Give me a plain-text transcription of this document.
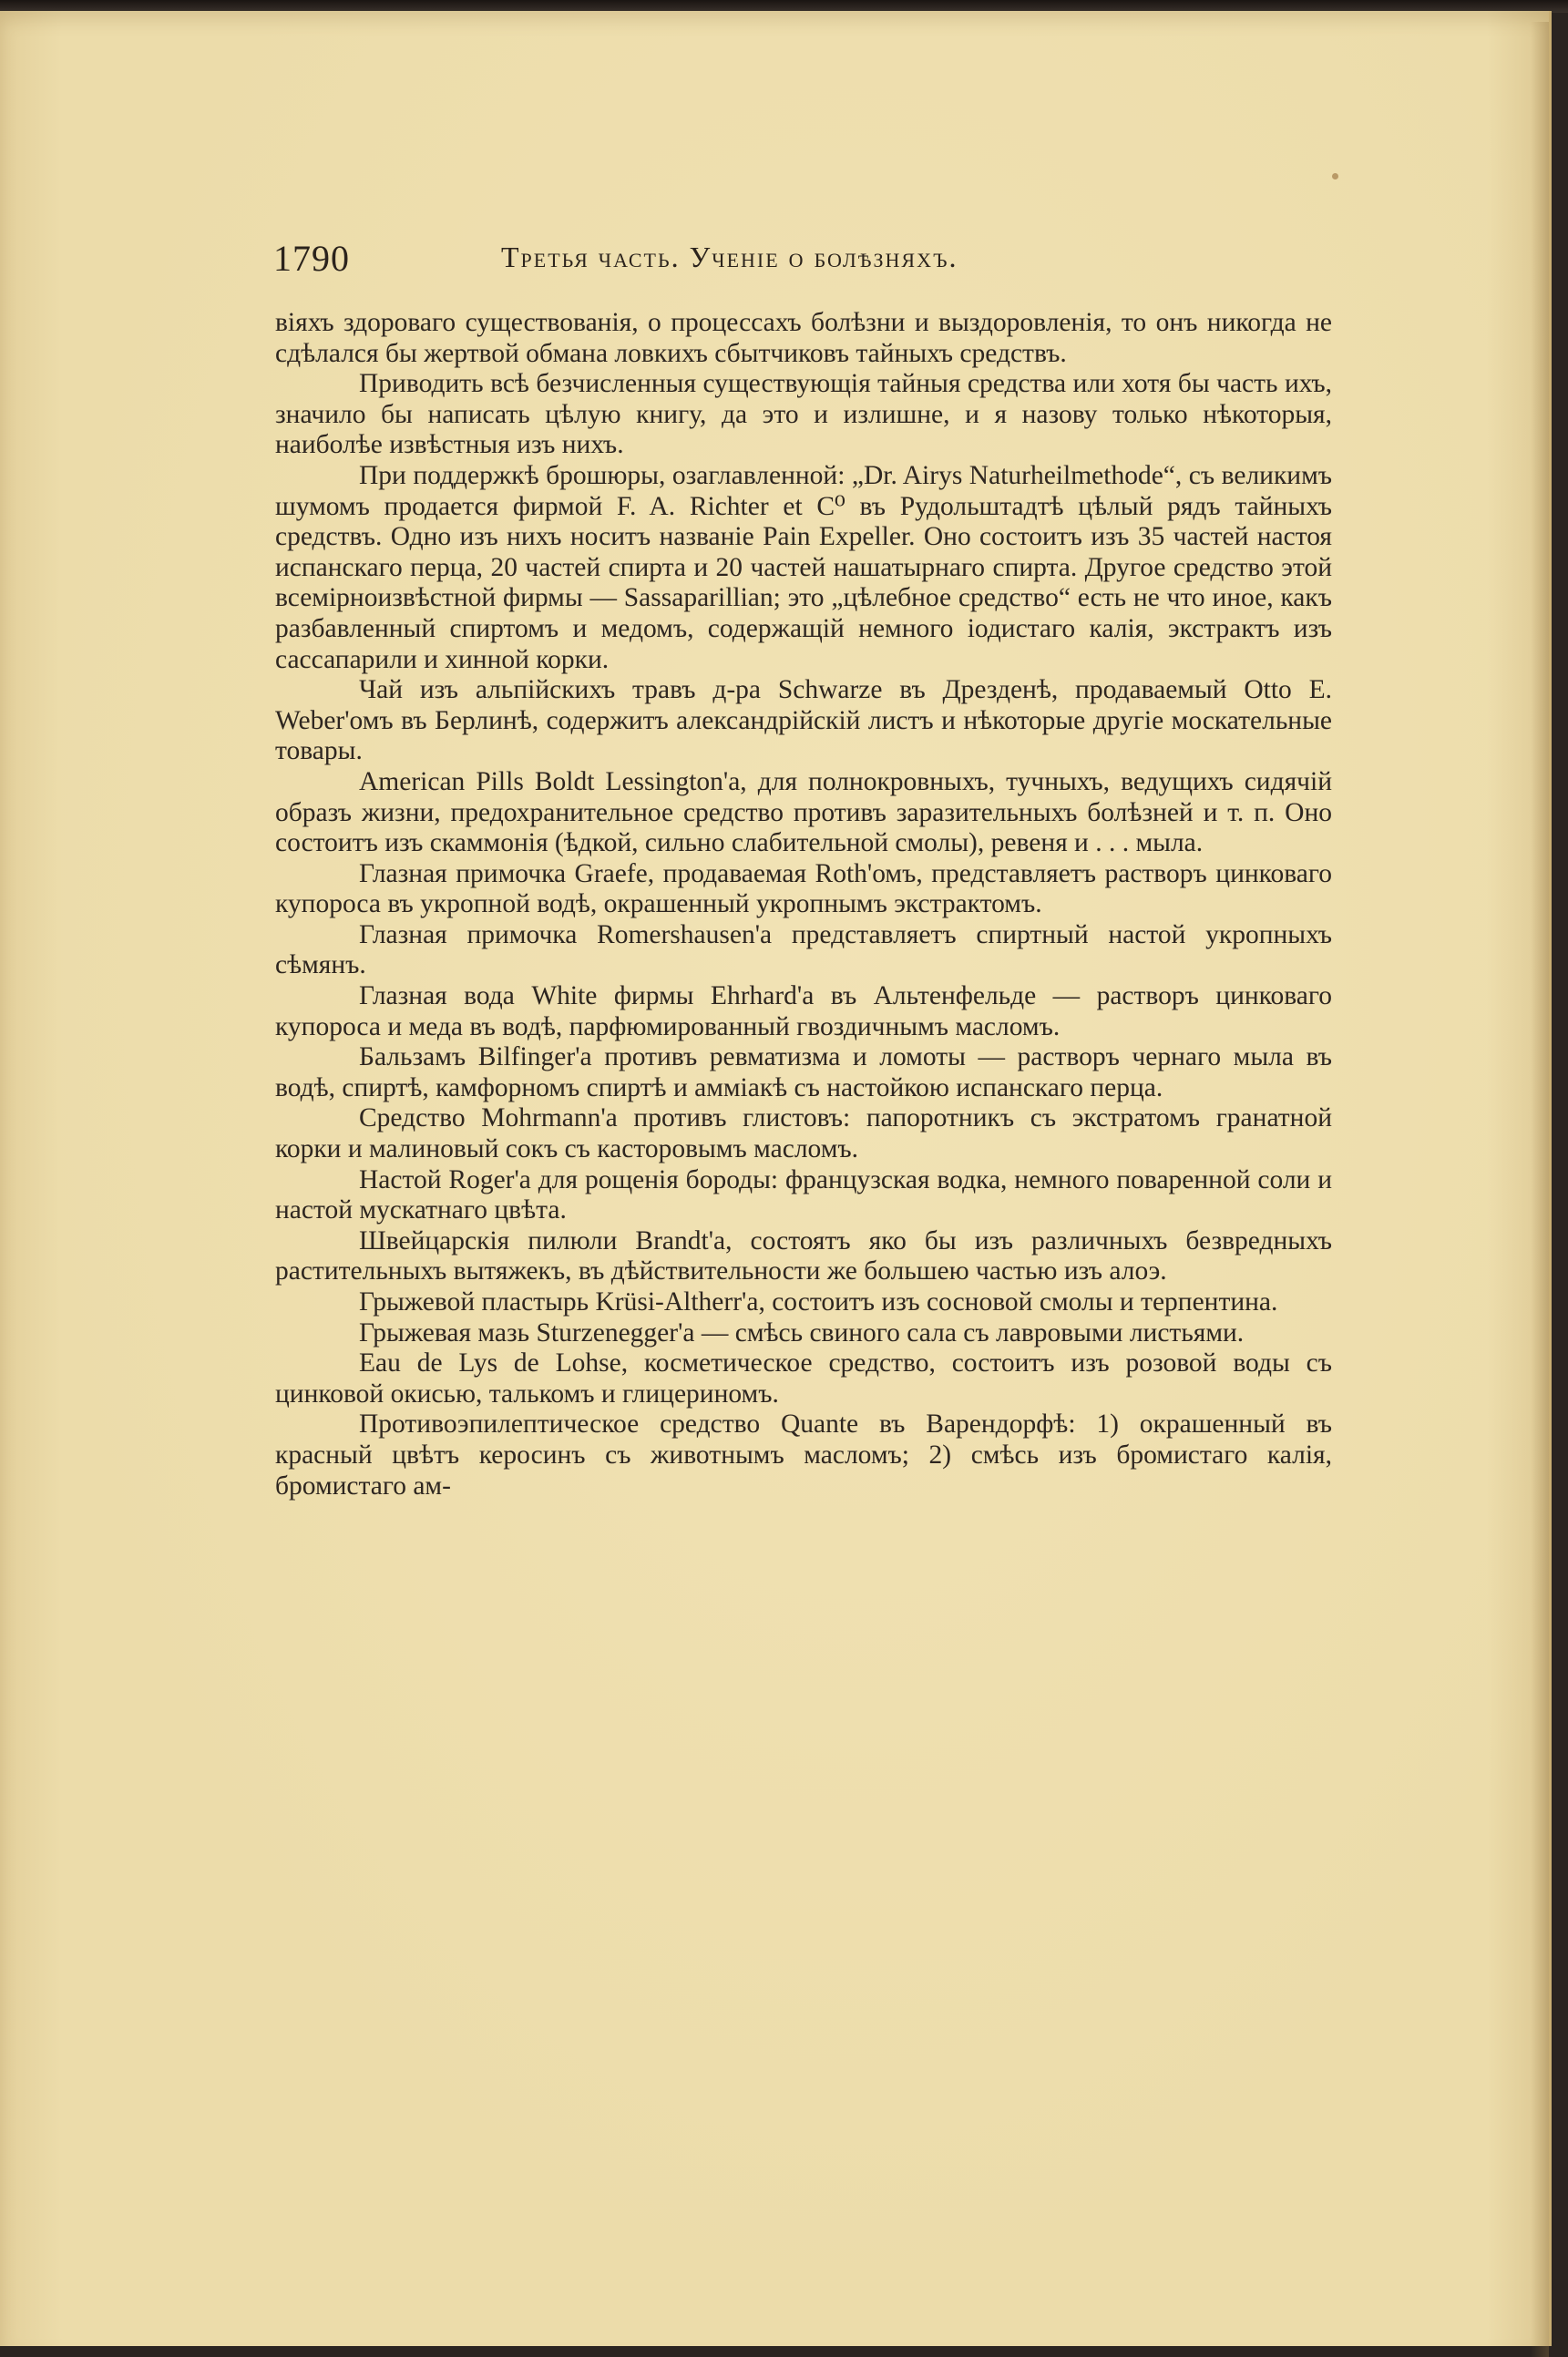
1790	Третья часть. Ученіе о болѣзняхъ.

віяхъ здороваго существованія, о процессахъ болѣзни и выздоровленія, то онъ никогда не сдѣлался бы жертвой обмана ловкихъ сбытчиковъ тайныхъ средствъ.

Приводить всѣ безчисленныя существующія тайныя средства или хотя бы часть ихъ, значило бы написать цѣлую книгу, да это и излишне, и я назову только нѣкоторыя, наиболѣе извѣстныя изъ нихъ.

При поддержкѣ брошюры, озаглавленной: „Dr. Airys Naturheilmethode“, съ великимъ шумомъ продается фирмой F. A. Richter et C⁰ въ Рудольштадтѣ цѣлый рядъ тайныхъ средствъ. Одно изъ нихъ носитъ названіе Pain Expeller. Оно состоитъ изъ 35 частей настоя испанскаго перца, 20 частей спирта и 20 частей нашатырнаго спирта. Другое средство этой всемірноизвѣстной фирмы — Sassaparillian; это „цѣлебное средство“ есть не что иное, какъ разбавленный спиртомъ и медомъ, содержащій немного іодистаго калія, экстрактъ изъ сассапарили и хинной корки.

Чай изъ альпійскихъ травъ д-ра Schwarze въ Дрезденѣ, продаваемый Otto E. Weber'омъ въ Берлинѣ, содержитъ александрійскій листъ и нѣкоторые другіе москательные товары.

American Pills Boldt Lessington'а, для полнокровныхъ, тучныхъ, ведущихъ сидячій образъ жизни, предохранительное средство противъ заразительныхъ болѣзней и т. п. Оно состоитъ изъ скаммонія (ѣдкой, сильно слабительной смолы), ревеня и . . . мыла.

Глазная примочка Graefe, продаваемая Roth'омъ, представляетъ растворъ цинковаго купороса въ укропной водѣ, окрашенный укропнымъ экстрактомъ.

Глазная примочка Romershausen'а представляетъ спиртный настой укропныхъ сѣмянъ.

Глазная вода White фирмы Ehrhard'а въ Альтенфельде — растворъ цинковаго купороса и меда въ водѣ, парфюмированный гвоздичнымъ масломъ.

Бальзамъ Bilfinger'а противъ ревматизма и ломоты — растворъ чернаго мыла въ водѣ, спиртѣ, камфорномъ спиртѣ и амміакѣ съ настойкою испанскаго перца.

Средство Mohrmann'а противъ глистовъ: папоротникъ съ экстратомъ гранатной корки и малиновый сокъ съ касторовымъ масломъ.

Настой Roger'а для рощенія бороды: французская водка, немного поваренной соли и настой мускатнаго цвѣта.

Швейцарскія пилюли Brandt'а, состоятъ яко бы изъ различныхъ безвредныхъ растительныхъ вытяжекъ, въ дѣйствительности же большею частью изъ алоэ.

Грыжевой пластырь Krüsi-Altherr'а, состоитъ изъ сосновой смолы и терпентина.

Грыжевая мазь Sturzenegger'а — смѣсь свиного сала съ лавровыми листьями.

Eau de Lys de Lohse, косметическое средство, состоитъ изъ розовой воды съ цинковой окисью, талькомъ и глицериномъ.

Противоэпилептическое средство Quante въ Варендорфѣ: 1) окрашенный въ красный цвѣтъ керосинъ съ животнымъ масломъ; 2) смѣсь изъ бромистаго калія, бромистаго ам-
